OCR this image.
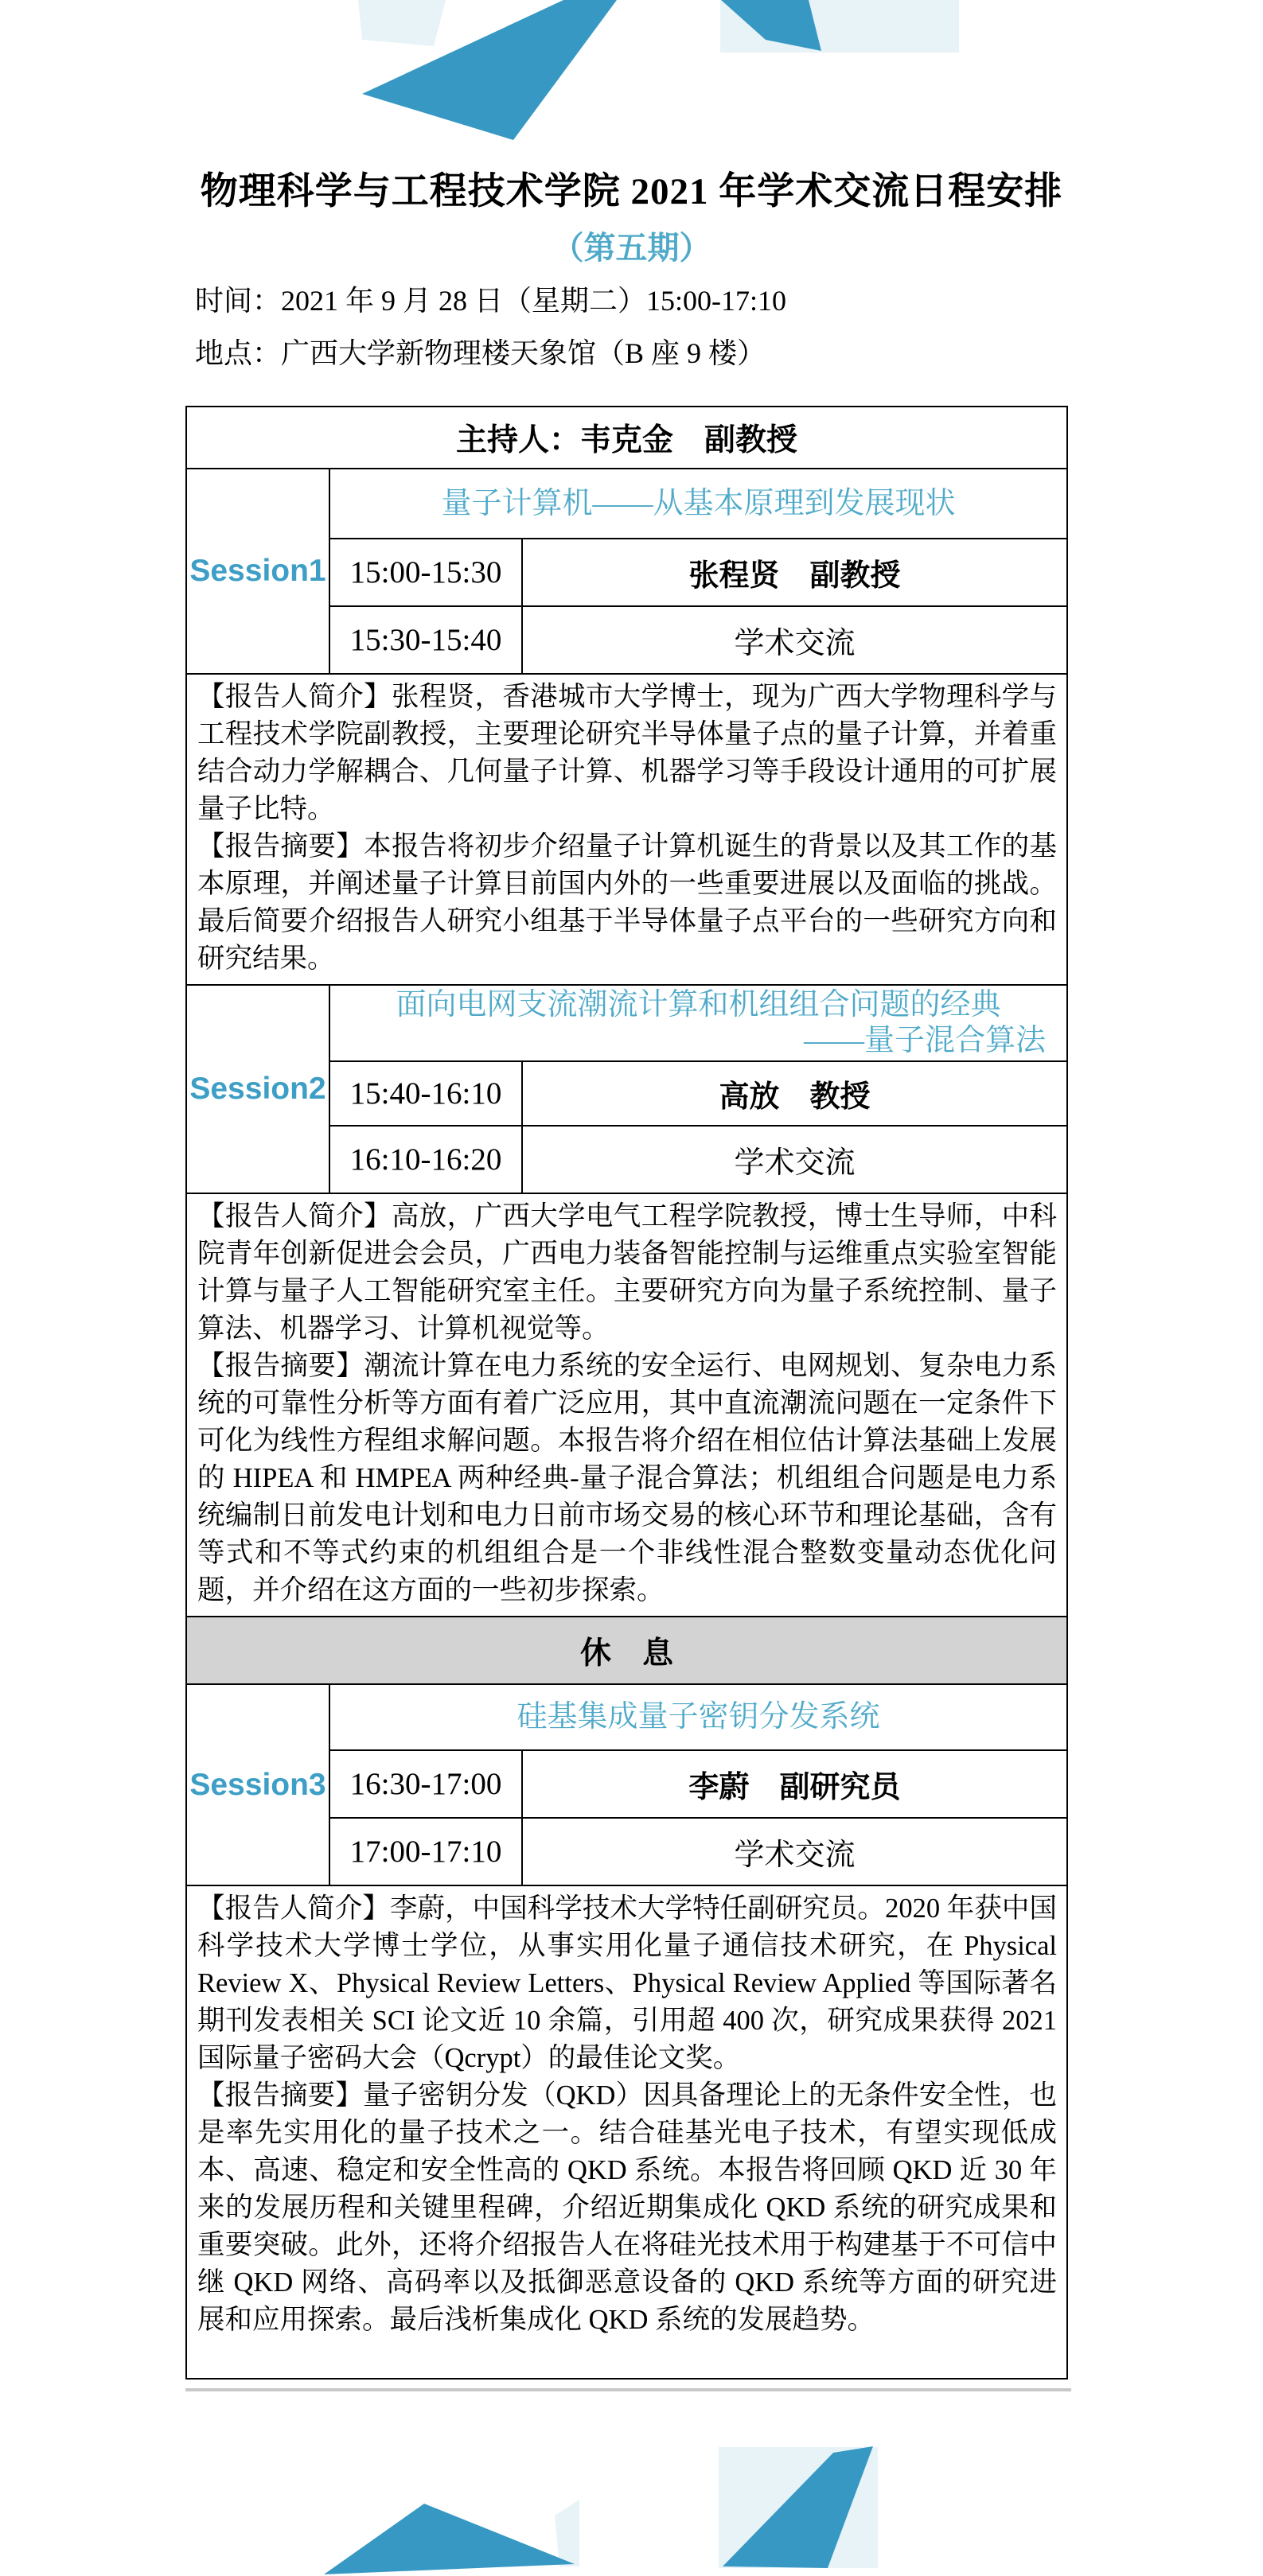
物理科学与工程技术学院 2021 年学术交流日程安排
（第五期）
时间：2021 年 9 月 28 日（星期二）15:00-17:10
地点：广西大学新物理楼天象馆（B 座 9 楼）
主持人：韦克金　副教授
Session1
量子计算机——从基本原理到发展现状
15:00-15:30	张程贤　副教授
15:30-15:40	学术交流

【报告人简介】张程贤，香港城市大学博士，现为广西大学物理科学与工程技术学院副教授，主要理论研究半导体量子点的量子计算，并着重结合动力学解耦合、几何量子计算、机器学习等手段设计通用的可扩展量子比特。

【报告摘要】本报告将初步介绍量子计算机诞生的背景以及其工作的基本原理，并阐述量子计算目前国内外的一些重要进展以及面临的挑战。最后简要介绍报告人研究小组基于半导体量子点平台的一些研究方向和研究结果。

Session2
面向电网支流潮流计算和机组组合问题的经典
——量子混合算法
15:40-16:10	高放　教授
16:10-16:20	学术交流

【报告人简介】高放，广西大学电气工程学院教授，博士生导师，中科院青年创新促进会会员，广西电力装备智能控制与运维重点实验室智能计算与量子人工智能研究室主任。主要研究方向为量子系统控制、量子算法、机器学习、计算机视觉等。

【报告摘要】潮流计算在电力系统的安全运行、电网规划、复杂电力系统的可靠性分析等方面有着广泛应用，其中直流潮流问题在一定条件下可化为线性方程组求解问题。本报告将介绍在相位估计算法基础上发展的 HIPEA 和 HMPEA 两种经典-量子混合算法；机组组合问题是电力系统编制日前发电计划和电力日前市场交易的核心环节和理论基础，含有等式和不等式约束的机组组合是一个非线性混合整数变量动态优化问题，并介绍在这方面的一些初步探索。

休　息
Session3
硅基集成量子密钥分发系统
16:30-17:00	李蔚　副研究员
17:00-17:10	学术交流

【报告人简介】李蔚，中国科学技术大学特任副研究员。2020 年获中国科学技术大学博士学位，从事实用化量子通信技术研究，在 Physical Review X、Physical Review Letters、Physical Review Applied 等国际著名期刊发表相关 SCI 论文近 10 余篇，引用超 400 次，研究成果获得 2021 国际量子密码大会（Qcrypt）的最佳论文奖。

【报告摘要】量子密钥分发（QKD）因具备理论上的无条件安全性，也是率先实用化的量子技术之一。结合硅基光电子技术，有望实现低成本、高速、稳定和安全性高的 QKD 系统。本报告将回顾 QKD 近 30 年来的发展历程和关键里程碑，介绍近期集成化 QKD 系统的研究成果和重要突破。此外，还将介绍报告人在将硅光技术用于构建基于不可信中继 QKD 网络、高码率以及抵御恶意设备的 QKD 系统等方面的研究进展和应用探索。最后浅析集成化 QKD 系统的发展趋势。
